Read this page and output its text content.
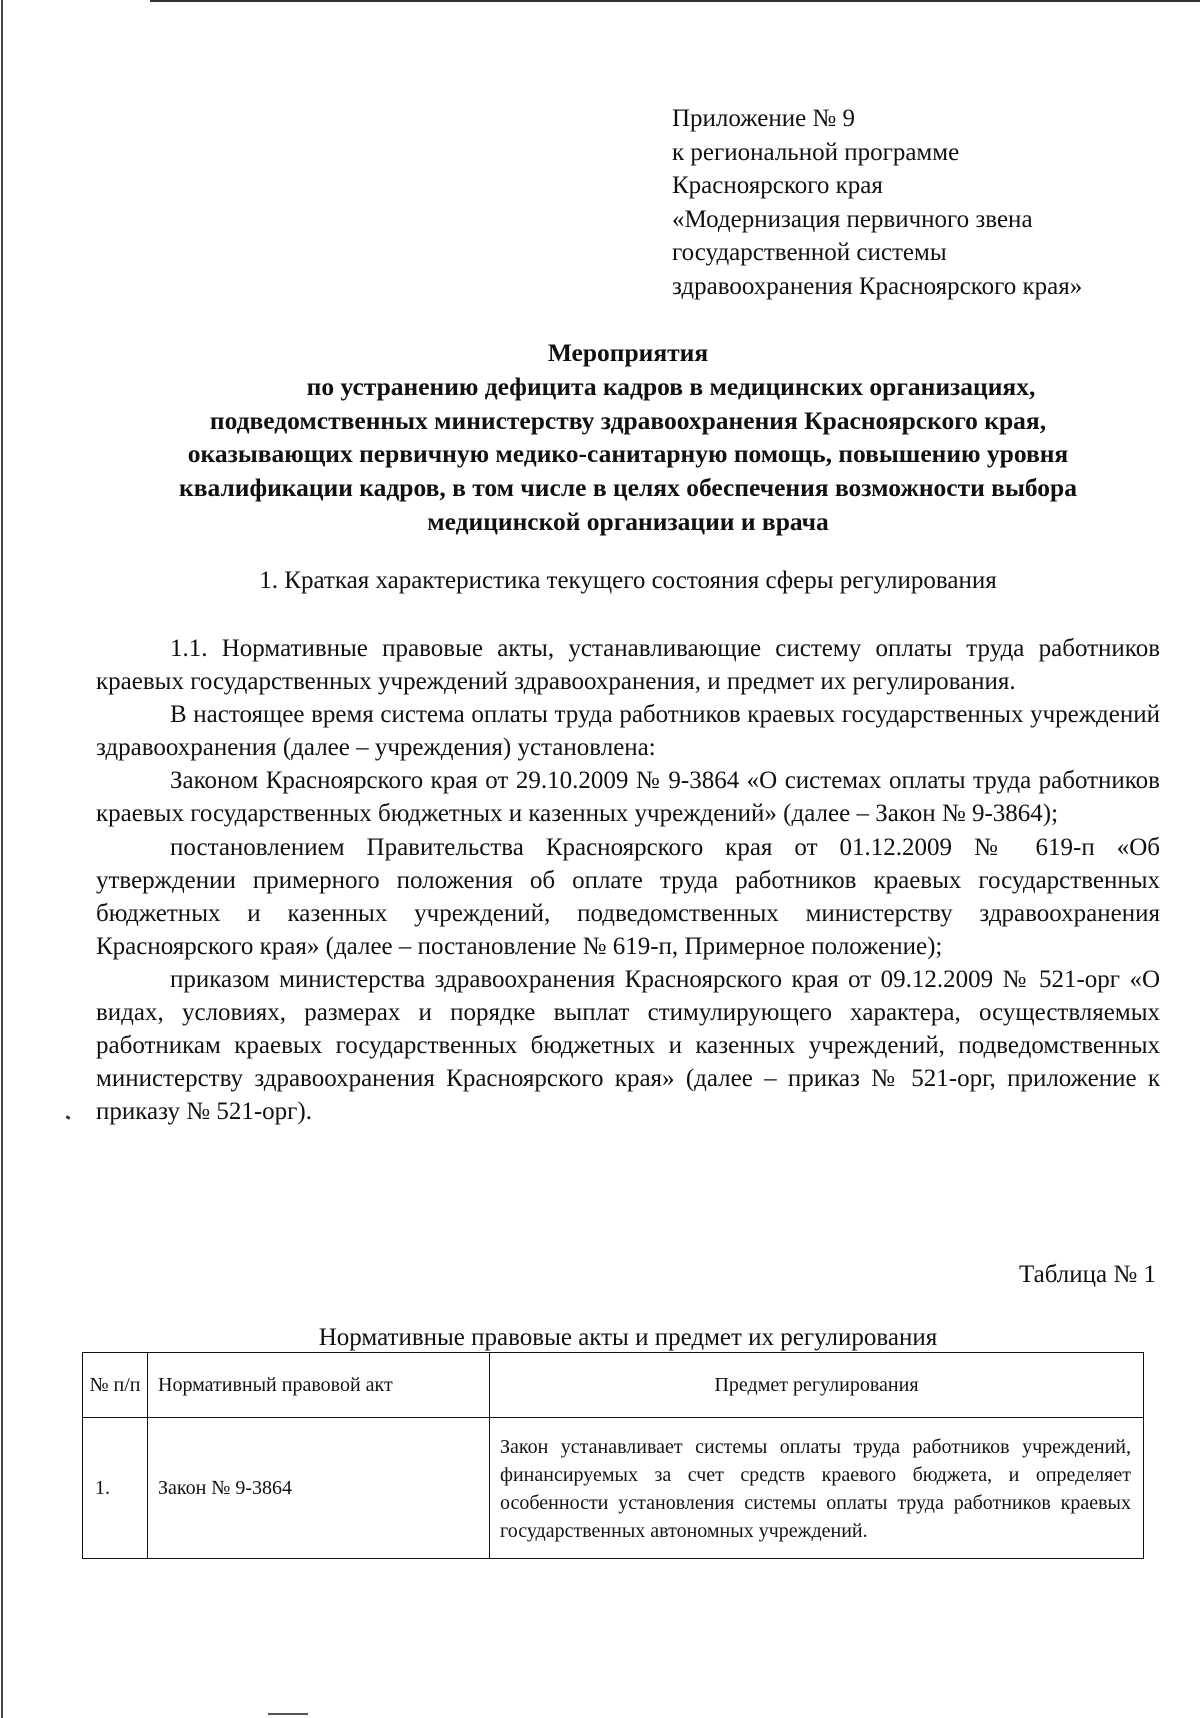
Приложение № 9
к региональной программе
Красноярского края
«Модернизация первичного звена
государственной системы
здравоохранения Красноярского края»
Мероприятия
по устранению дефицита кадров в медицинских организациях,
подведомственных министерству здравоохранения Красноярского края,
оказывающих первичную медико-санитарную помощь, повышению уровня
квалификации кадров, в том числе в целях обеспечения возможности выбора
медицинской организации и врача
1. Краткая характеристика текущего состояния сферы регулирования

1.1. Нормативные правовые акты, устанавливающие систему оплаты труда работников краевых государственных учреждений здравоохранения, и предмет их регулирования.

В настоящее время система оплаты труда работников краевых государственных учреждений здравоохранения (далее – учреждения) установлена:

Законом Красноярского края от 29.10.2009 № 9-3864 «О системах оплаты труда работников краевых государственных бюджетных и казенных учреждений» (далее – Закон № 9-3864);

постановлением Правительства Красноярского края от 01.12.2009 № 619-п «Об утверждении примерного положения об оплате труда работников краевых государственных бюджетных и казенных учреждений, подведомственных министерству здравоохранения Красноярского края» (далее – постановление № 619-п, Примерное положение);

приказом министерства здравоохранения Красноярского края от 09.12.2009 № 521-орг «О видах, условиях, размерах и порядке выплат стимулирующего характера, осуществляемых работникам краевых государственных бюджетных и казенных учреждений, подведомственных министерству здравоохранения Красноярского края» (далее – приказ № 521-орг, приложение к приказу № 521-орг).

Таблица № 1
Нормативные правовые акты и предмет их регулирования
№ п/п	Нормативный правовой акт	Предмет регулирования
1.	Закон № 9-3864	Закон устанавливает системы оплаты труда работников учреждений, финансируемых за счет средств краевого бюджета, и определяет особенности установления системы оплаты труда работников краевых государственных автономных учреждений.
